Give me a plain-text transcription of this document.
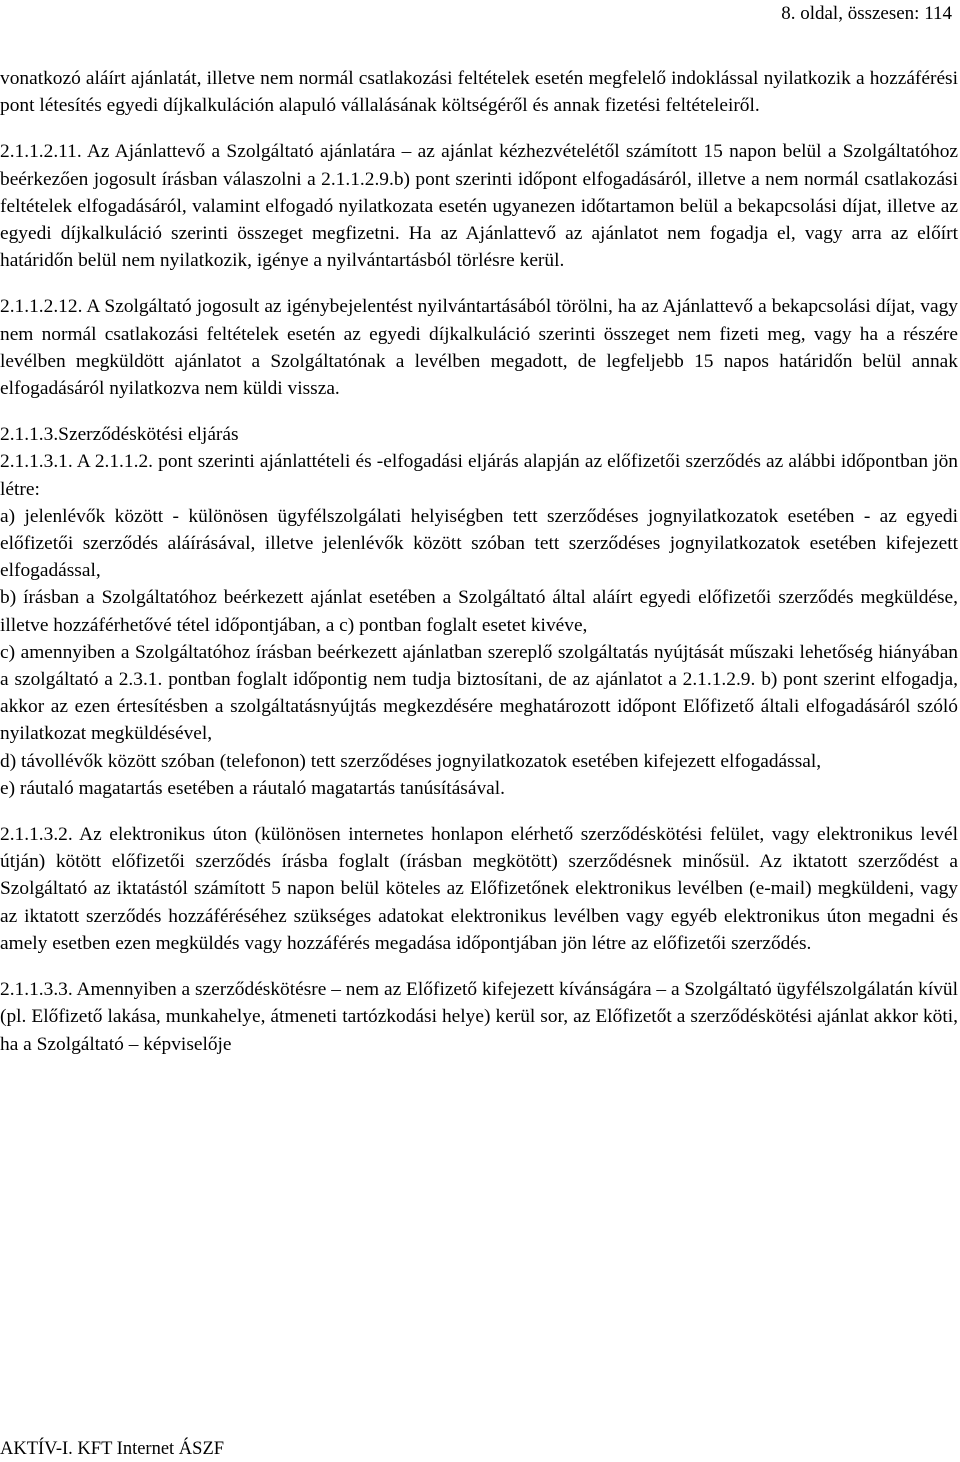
8. oldal, összesen: 114

vonatkozó aláírt ajánlatát, illetve nem normál csatlakozási feltételek esetén megfelelő indoklással nyilatkozik a hozzáférési pont létesítés egyedi díjkalkuláción alapuló vállalásának költségéről és annak fizetési feltételeiről.

2.1.1.2.11. Az Ajánlattevő a Szolgáltató ajánlatára – az ajánlat kézhezvételétől számított 15 napon belül a Szolgáltatóhoz beérkezően jogosult írásban válaszolni a 2.1.1.2.9.b) pont szerinti időpont elfogadásáról, illetve a nem normál csatlakozási feltételek elfogadásáról, valamint elfogadó nyilatkozata esetén ugyanezen időtartamon belül a bekapcsolási díjat, illetve az egyedi díjkalkuláció szerinti összeget megfizetni. Ha az Ajánlattevő az ajánlatot nem fogadja el, vagy arra az előírt határidőn belül nem nyilatkozik, igénye a nyilvántartásból törlésre kerül.

2.1.1.2.12. A Szolgáltató jogosult az igénybejelentést nyilvántartásából törölni, ha az Ajánlattevő a bekapcsolási díjat, vagy nem normál csatlakozási feltételek esetén az egyedi díjkalkuláció szerinti összeget nem fizeti meg, vagy ha a részére levélben megküldött ajánlatot a Szolgáltatónak a levélben megadott, de legfeljebb 15 napos határidőn belül annak elfogadásáról nyilatkozva nem küldi vissza.

2.1.1.3.Szerződéskötési eljárás

2.1.1.3.1. A 2.1.1.2. pont szerinti ajánlattételi és -elfogadási eljárás alapján az előfizetői szerződés az alábbi időpontban jön létre:

a) jelenlévők között - különösen ügyfélszolgálati helyiségben tett szerződéses jognyilatkozatok esetében - az egyedi előfizetői szerződés aláírásával, illetve jelenlévők között szóban tett szerződéses jognyilatkozatok esetében kifejezett elfogadással,

b) írásban a Szolgáltatóhoz beérkezett ajánlat esetében a Szolgáltató által aláírt egyedi előfizetői szerződés megküldése, illetve hozzáférhetővé tétel időpontjában, a c) pontban foglalt esetet kivéve,

c) amennyiben a Szolgáltatóhoz írásban beérkezett ajánlatban szereplő szolgáltatás nyújtását műszaki lehetőség hiányában a szolgáltató a 2.3.1. pontban foglalt időpontig nem tudja biztosítani, de az ajánlatot a 2.1.1.2.9. b) pont szerint elfogadja, akkor az ezen értesítésben a szolgáltatásnyújtás megkezdésére meghatározott időpont Előfizető általi elfogadásáról szóló nyilatkozat megküldésével,

d) távollévők között szóban (telefonon) tett szerződéses jognyilatkozatok esetében kifejezett elfogadással,

e) ráutaló magatartás esetében a ráutaló magatartás tanúsításával.

2.1.1.3.2. Az elektronikus úton (különösen internetes honlapon elérhető szerződéskötési felület, vagy elektronikus levél útján) kötött előfizetői szerződés írásba foglalt (írásban megkötött) szerződésnek minősül. Az iktatott szerződést a Szolgáltató az iktatástól számított 5 napon belül köteles az Előfizetőnek elektronikus levélben (e-mail) megküldeni, vagy az iktatott szerződés hozzáféréséhez szükséges adatokat elektronikus levélben vagy egyéb elektronikus úton megadni és amely esetben ezen megküldés vagy hozzáférés megadása időpontjában jön létre az előfizetői szerződés.

2.1.1.3.3. Amennyiben a szerződéskötésre – nem az Előfizető kifejezett kívánságára – a Szolgáltató ügyfélszolgálatán kívül (pl. Előfizető lakása, munkahelye, átmeneti tartózkodási helye) kerül sor, az Előfizetőt a szerződéskötési ajánlat akkor köti, ha a Szolgáltató – képviselője

AKTÍV-I. KFT Internet ÁSZF
